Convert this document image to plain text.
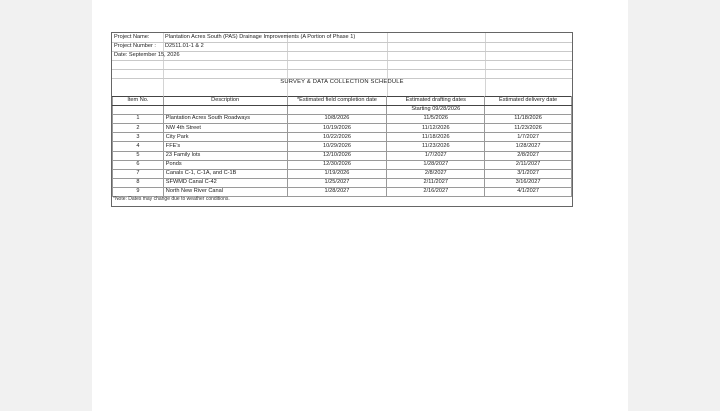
Project Name:	Plantation Acres South (PAS) Drainage Improvements (A Portion of Phase 1)
Project Number : D2511.01-1 & 2
Date: September 15, 2026
SURVEY & DATA COLLECTION SCHEDULE
Item No.	Description	*Estimated field completion date	Estimated drafting dates	Estimated delivery date
			Starting 09/28/2026	
1	Plantation Acres South Roadways	10/8/2026	11/5/2026	11/18/2026
2	NW 4th Street	10/19/2026	11/12/2026	11/23/2026
3	City Park	10/22/2026	11/18/2026	1/7/2027
4	FFE's	10/29/2026	11/23/2026	1/28/2027
5	23 Family lots	12/10/2026	1/7/2027	2/8/2027
6	Ponds	12/30/2026	1/28/2027	2/11/2027
7	Canals C-1, C-1A, and C-1B	1/19/2026	2/8/2027	3/1/2027
8	SFWMD Canal C-42	1/25/2027	2/11/2027	3/16/2027
9	North New River Canal	1/28/2027	2/16/2027	4/1/2027
*Note: Dates may change due to weather conditions.
